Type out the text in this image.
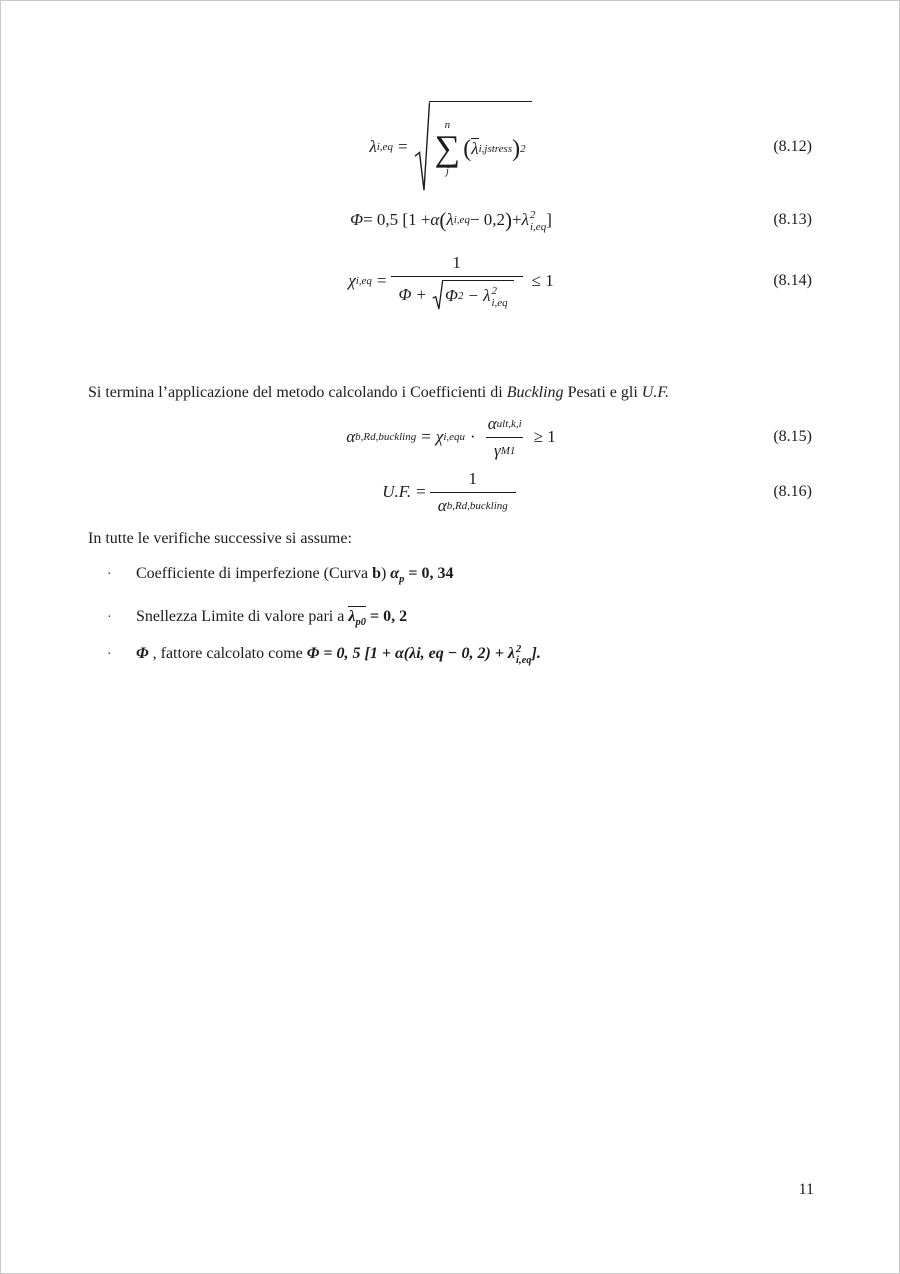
λ i,eq =
n
∑
j
( λ i,jstress ) 2	(8.12)
Φ = 0,5 [1 + α ( λ i,eq − 0,2 ) + λ 2
i,eq ]	(8.13)
χ i,eq =
1
Φ + Φ 2 − λ 2
i,eq
≤ 1	(8.14)

Si termina l’applicazione del metodo calcolando i Coefficienti di Buckling Pesati e gli U.F.

α b,Rd,buckling = χ $i,equ \cdot \frac{\text{α ult,k,i}}{\text{γ M1}} \ge 1$	(8.15)
U.F. = $\frac{1}{\text{α b,Rd,buckling}}$	(8.16)

In tutte le verifiche successive si assume:

·	Coefficiente di imperfezione (Curva b) $\alpha_p = 0$, 34
·	Snellezza Limite di valore pari a $\lambda_{p0} = 0$, 2
·	Φ , fattore calcolato come Φ = 0, 5 [1 + α(λi, eq − 0, 2) + λ 2
i,eq ].
11
